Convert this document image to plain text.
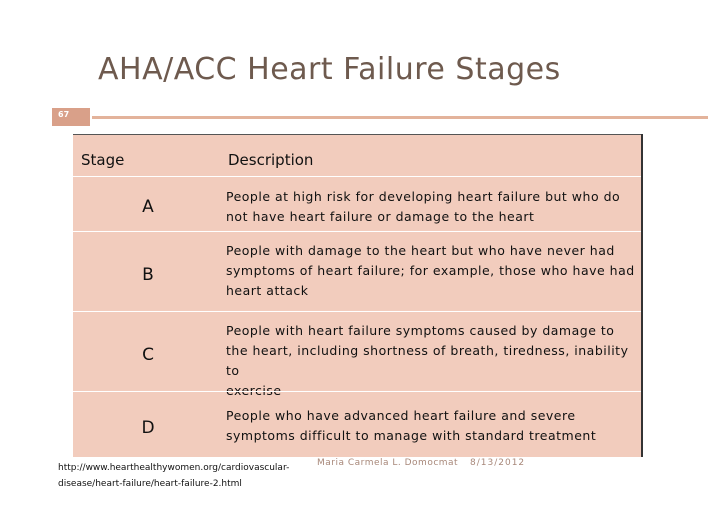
AHA/ACC Heart Failure Stages
67
Stage	Description
A
People at high risk for developing heart failure but who do
not have heart failure or damage to the heart
B
People with damage to the heart but who have never had
symptoms of heart failure; for example, those who have had
heart attack
C
People with heart failure symptoms caused by damage to
the heart, including shortness of breath, tiredness, inability to
exercise
D
People who have advanced heart failure and severe
symptoms difficult to manage with standard treatment
http://www.hearthealthywomen.org/cardiovascular-
disease/heart-failure/heart-failure-2.html
Maria Carmela L. Domocmat 8/13/2012
